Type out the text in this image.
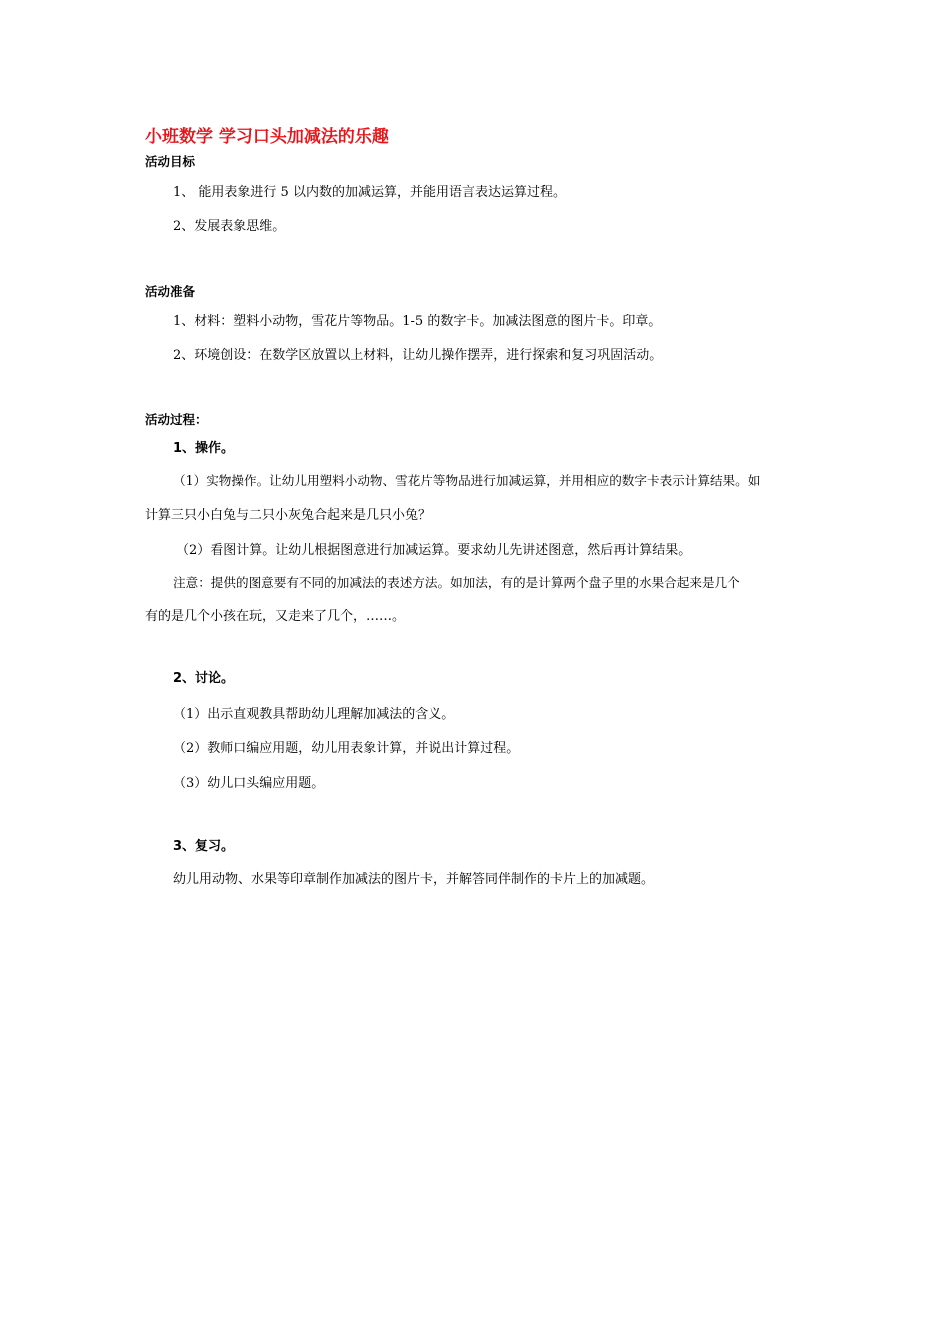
小班数学 学习口头加减法的乐趣
活动目标
1、 能用表象进行 5 以内数的加减运算，并能用语言表达运算过程。
2、发展表象思维。
活动准备
1、材料：塑料小动物，雪花片等物品。1-5 的数字卡。加减法图意的图片卡。印章。
2、环境创设：在数学区放置以上材料，让幼儿操作摆弄，进行探索和复习巩固活动。
活动过程：
1、操作。
（1）实物操作。让幼儿用塑料小动物、雪花片等物品进行加减运算，并用相应的数字卡表示计算结果。如
计算三只小白兔与二只小灰兔合起来是几只小兔？
（2）看图计算。让幼儿根据图意进行加减运算。要求幼儿先讲述图意，然后再计算结果。
注意：提供的图意要有不同的加减法的表述方法。如加法，有的是计算两个盘子里的水果合起来是几个
有的是几个小孩在玩，又走来了几个，……。
2、讨论。
（1）出示直观教具帮助幼儿理解加减法的含义。
（2）教师口编应用题，幼儿用表象计算，并说出计算过程。
（3）幼儿口头编应用题。
3、复习。
幼儿用动物、水果等印章制作加减法的图片卡，并解答同伴制作的卡片上的加减题。
